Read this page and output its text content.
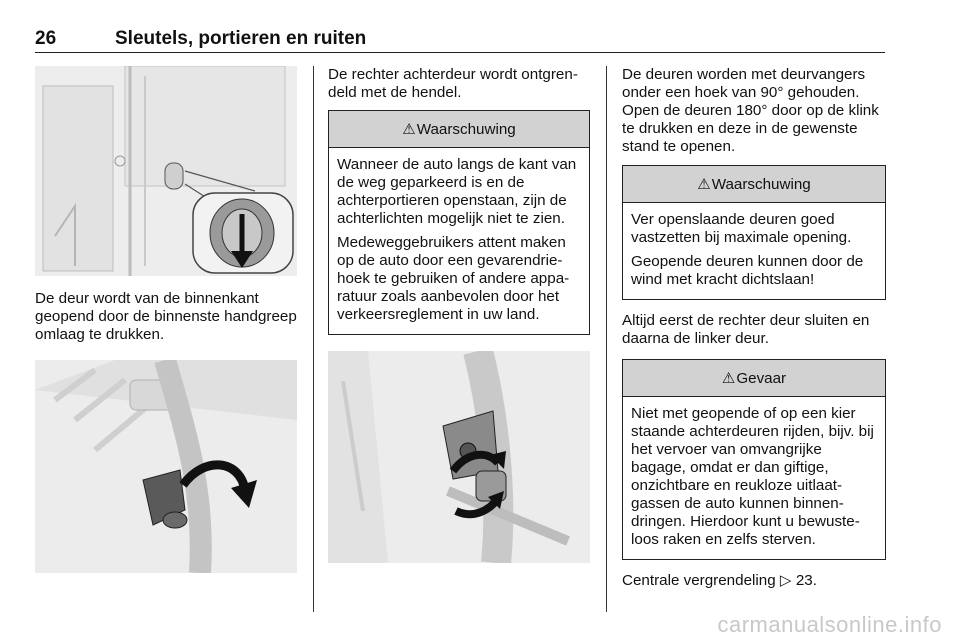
26	Sleutels, portieren en ruiten

De deur wordt van de binnenkant geopend door de binnenste handgreep omlaag te drukken.

De rechter achterdeur wordt ontgrendeld met de hendel.

⚠ Waarschuwing

Wanneer de auto langs de kant van de weg geparkeerd is en de achterportieren openstaan, zijn de achterlichten mogelijk niet te zien.

Medeweggebruikers attent maken op de auto door een gevarendriehoek te gebruiken of andere apparatuur zoals aanbevolen door het verkeersreglement in uw land.

De deuren worden met deurvangers onder een hoek van 90° gehouden. Open de deuren 180° door op de klink te drukken en deze in de gewenste stand te openen.

⚠ Waarschuwing

Ver openslaande deuren goed vastzetten bij maximale opening.

Geopende deuren kunnen door de wind met kracht dichtslaan!

Altijd eerst de rechter deur sluiten en daarna de linker deur.

⚠ Gevaar

Niet met geopende of op een kier staande achterdeuren rijden, bijv. bij het vervoer van omvangrijke bagage, omdat er dan giftige, onzichtbare en reukloze uitlaatgassen de auto kunnen binnendringen. Hierdoor kunt u bewusteloos raken en zelfs sterven.

Centrale vergrendeling ▷ 23.

carmanualsonline.info
